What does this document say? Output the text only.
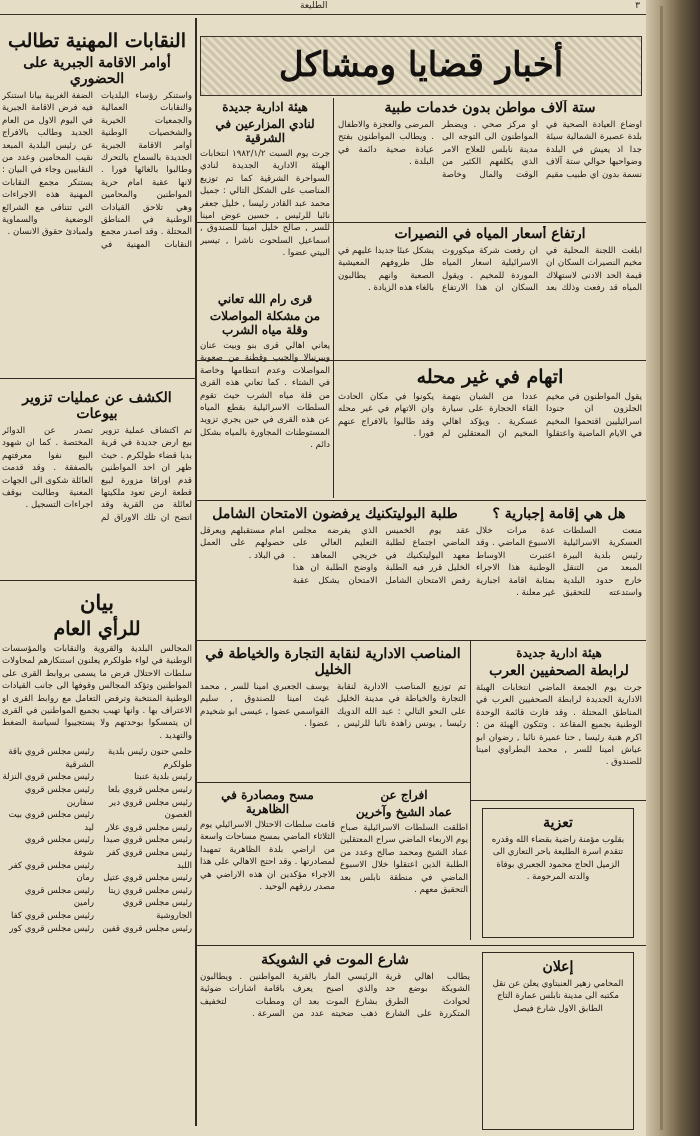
الطليعة	٣
أخبار قضايا ومشاكل

النقابات المهنية تطالب

أوامر الاقامة الجبرية على الحضوري

واستنكر رؤساء البلديات والنقابات العمالية والجمعيات الخيرية والشخصيات الوطنية أوامر الاقامة الجبرية الجديدة بالسماح بالتحرك وطالبوا بالغائها فورا . لانها عقبة امام حرية المواطنين والمحامين وهي تلاحق القيادات الوطنية في المناطق المحتلة . وقد اصدر مجمع النقابات المهنية في الضفة الغربية بيانا استنكر فيه فرض الاقامة الجبرية في اليوم الاول من العام الجديد وطالب بالافراج عن رئيس البلدية المبعد نقيب المحامين وعدد من النقابيين وجاء في البيان : يستنكر مجمع النقابات المهنية هذه الاجراءات التي تتنافى مع الشرائع الوضعية والسماوية ولمبادئ حقوق الانسان .

الكشف عن عمليات تزوير بيوعات

تم اكتشاف عملية تزوير بيع ارض جديدة في قرية بديا قضاء طولكرم . حيث ظهر ان احد المواطنين قدم اوراقا مزورة لبيع قطعة ارض تعود ملكيتها لعائلة من القرية وقد اتضح ان تلك الاوراق لم تصدر عن الدوائر المختصة . كما ان شهود البيع نفوا معرفتهم بالصفقة . وقد قدمت العائلة شكوى الى الجهات المعنية وطالبت بوقف اجراءات التسجيل .

بيان

للرأي العام

المجالس البلدية والقروية والنقابات والمؤسسات الوطنية في لواء طولكرم يعلنون استنكارهم لمحاولات سلطات الاحتلال فرض ما يسمى بروابط القرى على المواطنين وتؤكد المجالس وقوفها الى جانب القيادات الوطنية المنتخبة وترفض التعامل مع روابط القرى او الاعتراف بها . وانها تهيب بجميع المواطنين في القرى ان يتمسكوا بوحدتهم ولا يستجيبوا لسياسة الضغط والتهديد .
حلمي حنون رئيس بلدية طولكرم
رئيس بلدية عنبتا
رئيس مجلس قروي بلعا
رئيس مجلس قروي دير الغصون
رئيس مجلس قروي علار
رئيس مجلس قروي صيدا
رئيس مجلس قروي كفر اللبد
رئيس مجلس قروي عتيل
رئيس مجلس قروي زيتا
رئيس مجلس قروي الجاروشية
رئيس مجلس قروي قفين
رئيس مجلس قروي باقة الشرقية
رئيس مجلس قروي النزلة
رئيس مجلس قروي سفارين
رئيس مجلس قروي بيت ليد
رئيس مجلس قروي شوفة
رئيس مجلس قروي كفر رمان
رئيس مجلس قروي رامين
رئيس مجلس قروي كفا
رئيس مجلس قروي كور

هيئة ادارية جديدة

لنادي المزارعين في الشرقية

جرت يوم السبت ١٩٨٢/١/٢ انتخابات الهيئة الادارية الجديدة لنادي السواحرة الشرقية كما تم توزيع المناصب على الشكل التالي : جميل محمد عبد القادر رئيسا , خليل جعفر نائبا للرئيس , حسين عوض امينا للسر , صالح خليل امينا للصندوق , اسماعيل السلحوت ناشرا , تيسير البيتي عضوا .

قرى رام الله تعاني

من مشكلة المواصلات وقلة مياه الشرب

يعاني اهالي قرى بنو وبيت عنان وبيرنبالا والجيب وقطنة من صعوبة المواصلات وعدم انتظامها وخاصة في الشتاء . كما تعاني هذه القرى من قلة مياه الشرب حيث تقوم السلطات الاسرائيلية بقطع المياه عن هذه القرى في حين يجري تزويد المستوطنات المجاورة بالمياه بشكل دائم .

ستة آلاف مواطن بدون خدمات طبية

اوضاع العيادة الصحية في بلدة عصيرة الشمالية سيئة جدا اذ يعيش في البلدة وضواحيها حوالي ستة آلاف نسمة بدون اي طبيب مقيم او مركز صحي . ويضطر المواطنون الى التوجه الى مدينة نابلس للعلاج الامر الذي يكلفهم الكثير من الوقت والمال وخاصة المرضى والعجزة والاطفال . ويطالب المواطنون بفتح عيادة صحية دائمة في البلدة .

ارتفاع أسعار المياه في النصيرات

ابلغت اللجنة المحلية في مخيم النصيرات السكان ان قيمة الحد الادنى لاستهلاك المياه قد رفعت وذلك بعد ان رفعت شركة ميكوروت الاسرائيلية اسعار المياه الموردة للمخيم . ويقول السكان ان هذا الارتفاع يشكل عبئا جديدا عليهم في ظل ظروفهم المعيشية الصعبة وانهم يطالبون بالغاء هذه الزيادة .

اتهام في غير محله

يقول المواطنون في مخيم الجلزون ان جنودا اسرائيليين اقتحموا المخيم في الايام الماضية واعتقلوا عددا من الشبان بتهمة القاء الحجارة على سيارة عسكرية . ويؤكد اهالي المخيم ان المعتقلين لم يكونوا في مكان الحادث وان الاتهام في غير محله وقد طالبوا بالافراج عنهم فورا .

طلبة البوليتكنيك يرفضون الامتحان الشامل

عقد يوم الخميس الماضي اجتماع لطلبة معهد البوليتكنيك في الخليل قرر فيه الطلبة رفض الامتحان الشامل الذي يفرضه مجلس التعليم العالي على خريجي المعاهد . واوضح الطلبة ان هذا الامتحان يشكل عقبة امام مستقبلهم ويعرقل حصولهم على العمل في البلاد .

هل هي إقامة إجبارية ؟

منعت السلطات العسكرية الاسرائيلية رئيس بلدية البيرة المبعد من التنقل خارج حدود البلدية واستدعته للتحقيق عدة مرات خلال الاسبوع الماضي . وقد اعتبرت الاوساط الوطنية هذا الاجراء بمثابة اقامة اجبارية غير معلنة .

المناصب الادارية لنقابة التجارة والخياطة في الخليل

تم توزيع المناصب الادارية لنقابة التجارة والخياطة في مدينة الخليل على النحو التالي : عبد الله الدويك رئيسا , يونس زاهدة نائبا للرئيس , يوسف الجعبري امينا للسر , محمد غيث امينا للصندوق , سليم القواسمي عضوا , عيسى ابو شخيدم عضوا .

هيئة ادارية جديدة

لرابطة الصحفيين العرب

جرت يوم الجمعة الماضي انتخابات الهيئة الادارية الجديدة لرابطة الصحفيين العرب في المناطق المحتلة . وقد فازت قائمة الوحدة الوطنية بجميع المقاعد . وتتكون الهيئة من : اكرم هنية رئيسا , حنا عميرة نائبا , رضوان ابو عياش امينا للسر , محمد البطراوي امينا للصندوق .

مسح ومصادرة في الظاهرية

قامت سلطات الاحتلال الاسرائيلي يوم الثلاثاء الماضي بمسح مساحات واسعة من اراضي بلدة الظاهرية تمهيدا لمصادرتها . وقد احتج الاهالي على هذا الاجراء مؤكدين ان هذه الاراضي هي مصدر رزقهم الوحيد .

افراج عن

عماد الشيخ وآخرين

اطلقت السلطات الاسرائيلية صباح يوم الاربعاء الماضي سراح المعتقلين عماد الشيخ ومحمد صالح وعدد من الطلبة الذين اعتقلوا خلال الاسبوع الماضي في منطقة نابلس بعد التحقيق معهم .

تعزية

بقلوب مؤمنة راضية بقضاء الله وقدره تتقدم اسرة الطليعة باحر التعازي الى الزميل الحاج محمود الجعبري بوفاة والدته المرحومة .

شارع الموت في الشويكة

يطالب اهالي قرية الشويكة بوضع حد لحوادث الطرق المتكررة على الشارع الرئيسي المار بالقرية والذي اصبح يعرف بشارع الموت بعد ان ذهب ضحيته عدد من المواطنين . ويطالبون باقامة اشارات ضوئية ومطبات لتخفيف السرعة .

إعلان

المحامي زهير العنبتاوي يعلن عن نقل مكتبه الى مدينة نابلس عمارة التاج الطابق الاول شارع فيصل
